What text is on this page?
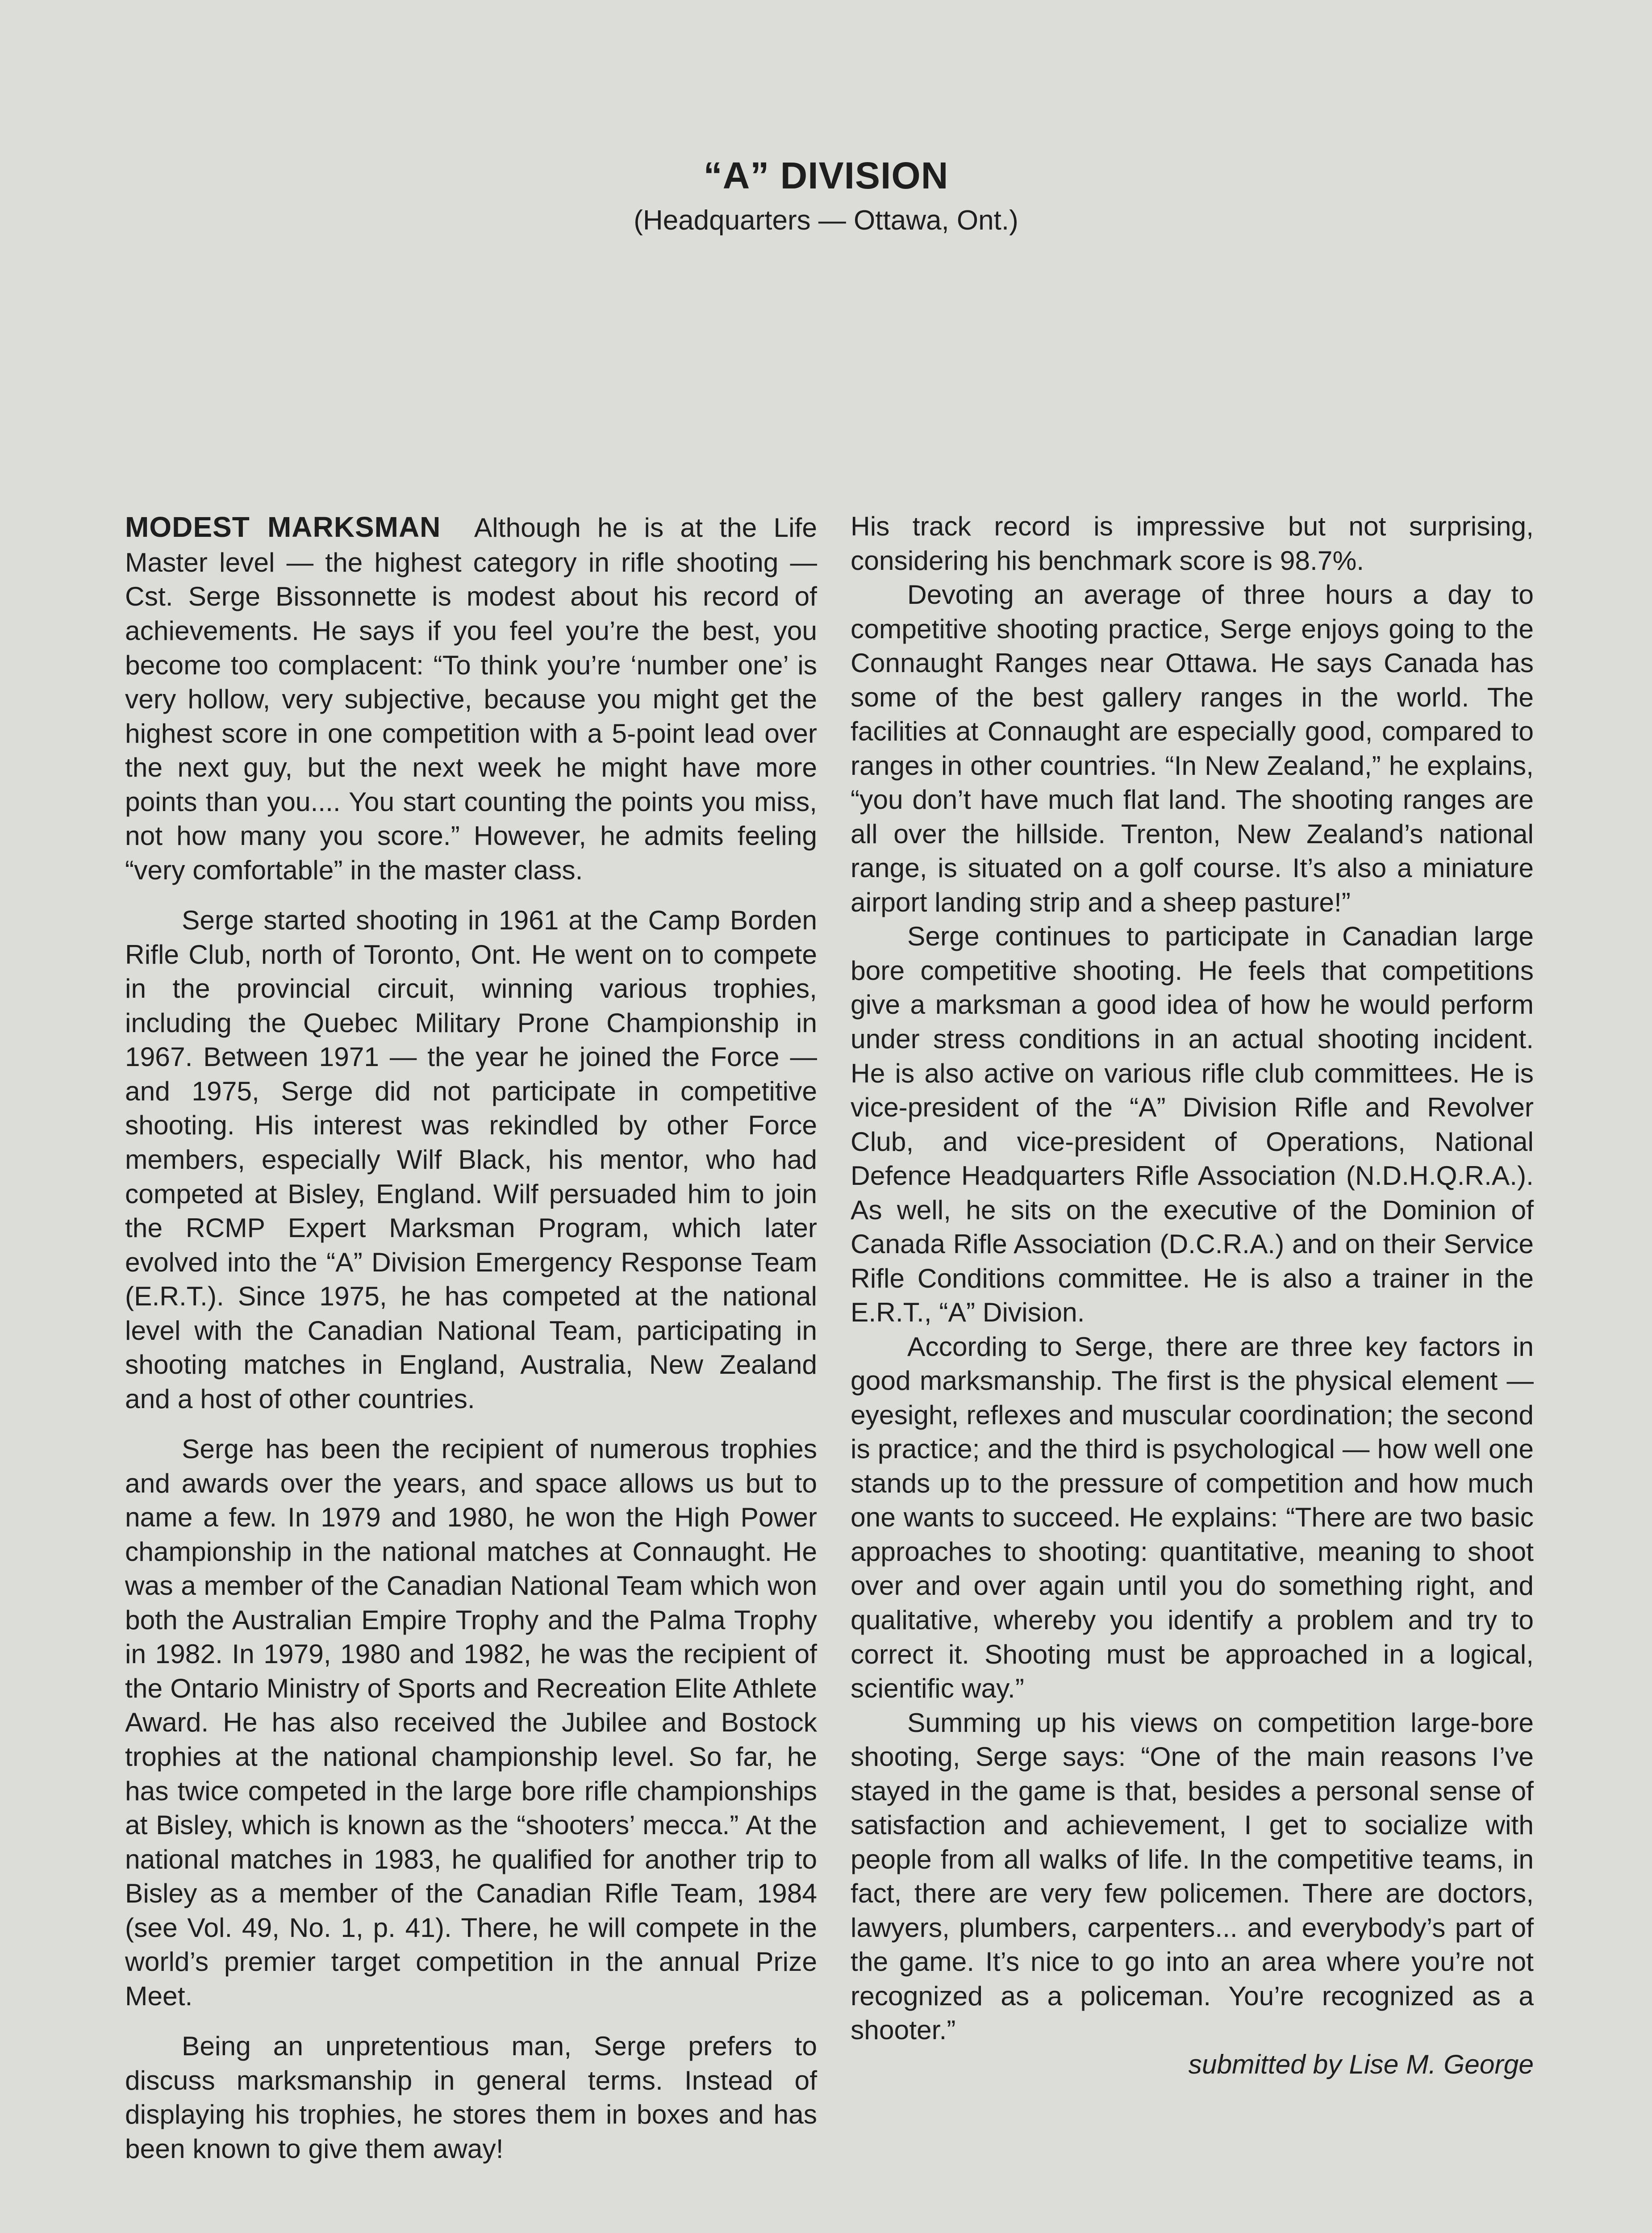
“A” DIVISION
(Headquarters — Ottawa, Ont.)

MODEST MARKSMAN Although he is at the Life Master level — the highest category in rifle shooting — Cst. Serge Bissonnette is modest about his record of achievements. He says if you feel you’re the best, you become too complacent: “To think you’re ‘number one’ is very hollow, very subjective, because you might get the highest score in one competition with a 5-point lead over the next guy, but the next week he might have more points than you.... You start counting the points you miss, not how many you score.” However, he admits feeling “very comfortable” in the master class.

Serge started shooting in 1961 at the Camp Borden Rifle Club, north of Toronto, Ont. He went on to compete in the provincial circuit, winning various trophies, including the Quebec Military Prone Championship in 1967. Between 1971 — the year he joined the Force — and 1975, Serge did not participate in competitive shooting. His interest was rekindled by other Force members, especially Wilf Black, his mentor, who had competed at Bisley, England. Wilf persuaded him to join the RCMP Expert Marksman Program, which later evolved into the “A” Division Emergency Response Team (E.R.T.). Since 1975, he has competed at the national level with the Canadian National Team, participating in shooting matches in England, Australia, New Zealand and a host of other countries.

Serge has been the recipient of numerous trophies and awards over the years, and space allows us but to name a few. In 1979 and 1980, he won the High Power championship in the national matches at Connaught. He was a member of the Canadian National Team which won both the Australian Empire Trophy and the Palma Trophy in 1982. In 1979, 1980 and 1982, he was the recipient of the Ontario Ministry of Sports and Recreation Elite Athlete Award. He has also received the Jubilee and Bostock trophies at the national championship level. So far, he has twice competed in the large bore rifle championships at Bisley, which is known as the “shooters’ mecca.” At the national matches in 1983, he qualified for another trip to Bisley as a member of the Canadian Rifle Team, 1984 (see Vol. 49, No. 1, p. 41). There, he will compete in the world’s premier target competition in the annual Prize Meet.

Being an unpretentious man, Serge prefers to discuss marksmanship in general terms. Instead of displaying his trophies, he stores them in boxes and has been known to give them away!

His track record is impressive but not surprising, considering his benchmark score is 98.7%.

Devoting an average of three hours a day to competitive shooting practice, Serge enjoys going to the Connaught Ranges near Ottawa. He says Canada has some of the best gallery ranges in the world. The facilities at Connaught are especially good, compared to ranges in other countries. “In New Zealand,” he explains, “you don’t have much flat land. The shooting ranges are all over the hillside. Trenton, New Zealand’s national range, is situated on a golf course. It’s also a miniature airport landing strip and a sheep pasture!”

Serge continues to participate in Canadian large bore competitive shooting. He feels that competitions give a marksman a good idea of how he would perform under stress conditions in an actual shooting incident. He is also active on various rifle club committees. He is vice-president of the “A” Division Rifle and Revolver Club, and vice-president of Operations, National Defence Headquarters Rifle Association (N.D.H.Q.R.A.). As well, he sits on the executive of the Dominion of Canada Rifle Association (D.C.R.A.) and on their Service Rifle Conditions committee. He is also a trainer in the E.R.T., “A” Division.

According to Serge, there are three key factors in good marksmanship. The first is the physical element — eyesight, reflexes and muscular coordination; the second is practice; and the third is psychological — how well one stands up to the pressure of competition and how much one wants to succeed. He explains: “There are two basic approaches to shooting: quantitative, meaning to shoot over and over again until you do something right, and qualitative, whereby you identify a problem and try to correct it. Shooting must be approached in a logical, scientific way.”

Summing up his views on competition large-bore shooting, Serge says: “One of the main reasons I’ve stayed in the game is that, besides a personal sense of satisfaction and achievement, I get to socialize with people from all walks of life. In the competitive teams, in fact, there are very few policemen. There are doctors, lawyers, plumbers, carpenters... and everybody’s part of the game. It’s nice to go into an area where you’re not recognized as a policeman. You’re recognized as a shooter.”

submitted by Lise M. George
